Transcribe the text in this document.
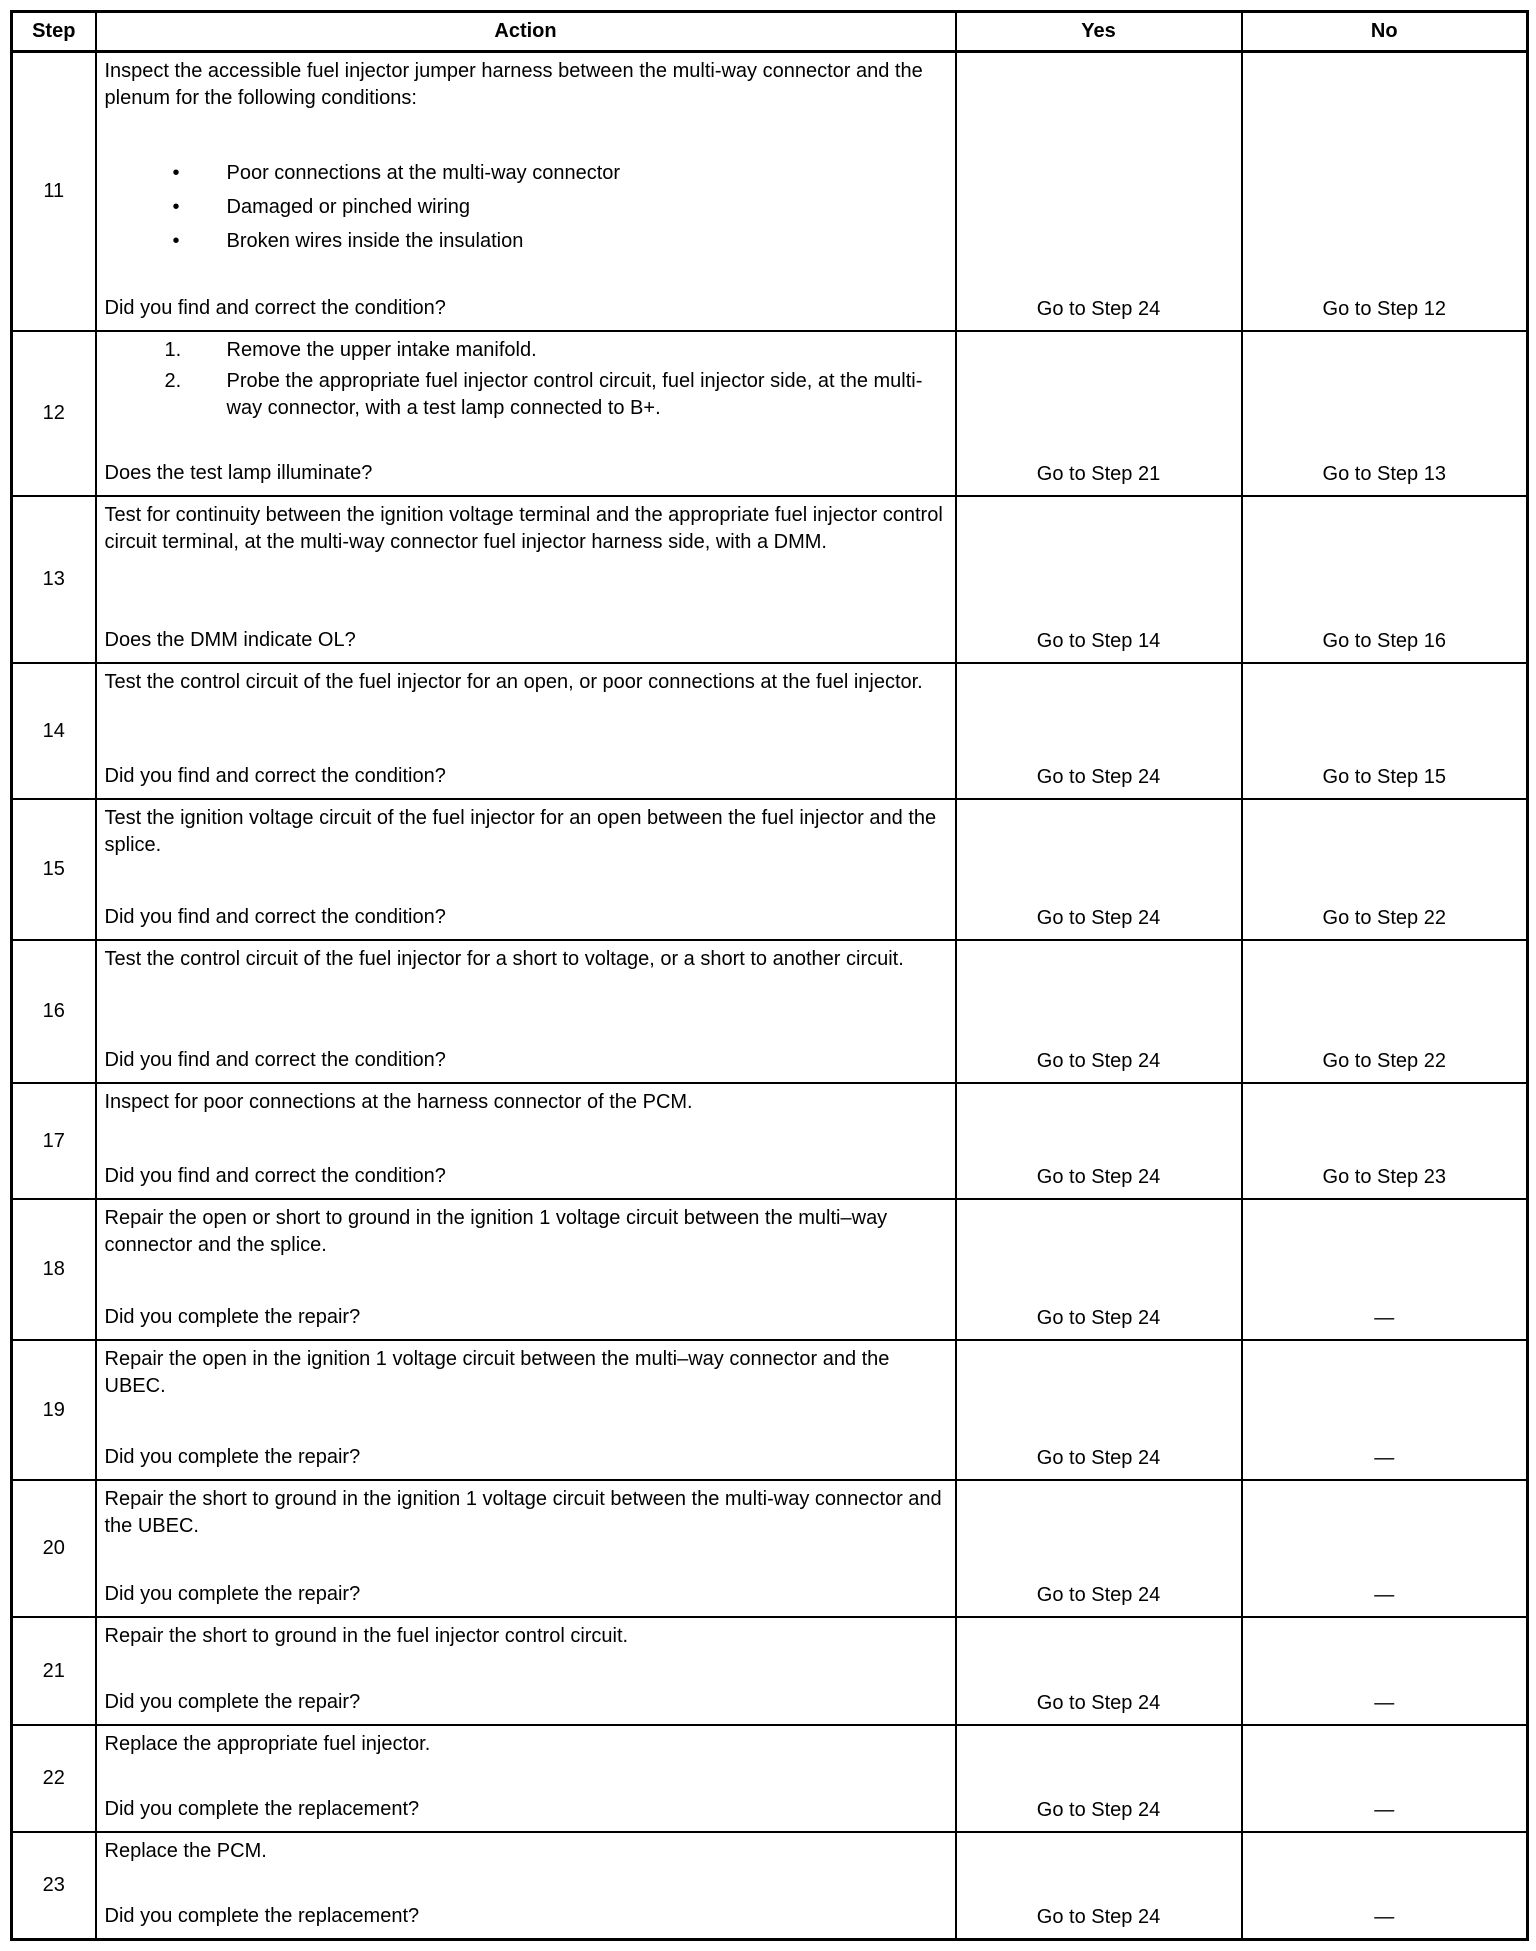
Step	Action	Yes	No
11	
Inspect the accessible fuel injector jumper harness between the multi-way connector and the plenum for the following conditions:
• Poor connections at the multi-way connector
• Damaged or pinched wiring
• Broken wires inside the insulation
Did you find and correct the condition?	Go to Step 24	Go to Step 12
12	
1. Remove the upper intake manifold.
2. Probe the appropriate fuel injector control circuit, fuel injector side, at the multi-way connector, with a test lamp connected to B+.
Does the test lamp illuminate?	Go to Step 21	Go to Step 13
13	Test for continuity between the ignition voltage terminal and the appropriate fuel injector control circuit terminal, at the multi-way connector fuel injector harness side, with a DMM.
Does the DMM indicate OL?	Go to Step 14	Go to Step 16
14	Test the control circuit of the fuel injector for an open, or poor connections at the fuel injector.
Did you find and correct the condition?	Go to Step 24	Go to Step 15
15	Test the ignition voltage circuit of the fuel injector for an open between the fuel injector and the splice.
Did you find and correct the condition?	Go to Step 24	Go to Step 22
16	Test the control circuit of the fuel injector for a short to voltage, or a short to another circuit.
Did you find and correct the condition?	Go to Step 24	Go to Step 22
17	Inspect for poor connections at the harness connector of the PCM.
Did you find and correct the condition?	Go to Step 24	Go to Step 23
18	Repair the open or short to ground in the ignition 1 voltage circuit between the multi–way connector and the splice.
Did you complete the repair?	Go to Step 24	—
19	Repair the open in the ignition 1 voltage circuit between the multi–way connector and the UBEC.
Did you complete the repair?	Go to Step 24	—
20	Repair the short to ground in the ignition 1 voltage circuit between the multi-way connector and the UBEC.
Did you complete the repair?	Go to Step 24	—
21	Repair the short to ground in the fuel injector control circuit.
Did you complete the repair?	Go to Step 24	—
22	Replace the appropriate fuel injector.
Did you complete the replacement?	Go to Step 24	—
23	Replace the PCM.
Did you complete the replacement?	Go to Step 24	—
